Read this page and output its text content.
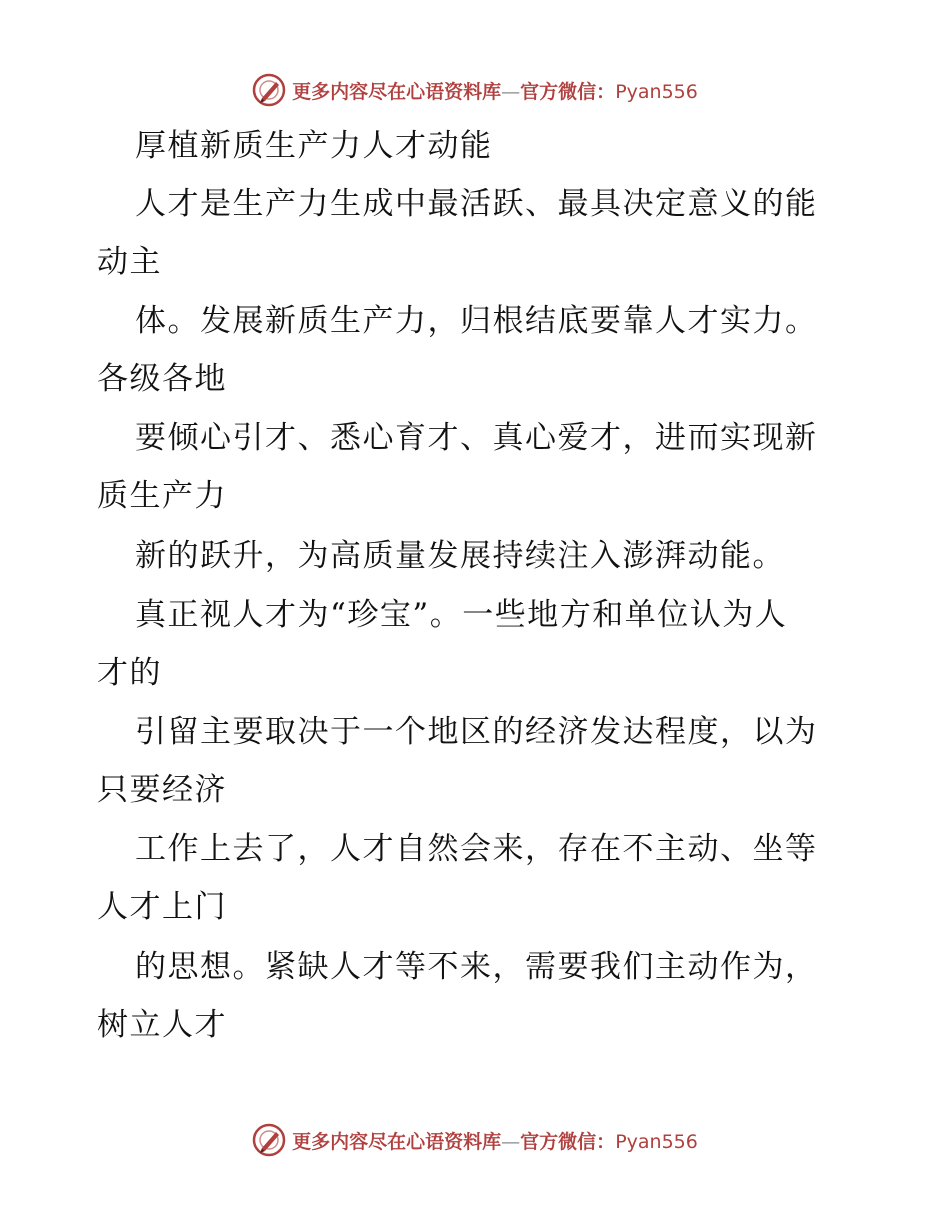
更多内容尽在心语资料库—官方微信：Pyan556
厚植新质生产力人才动能
人才是生产力生成中最活跃、最具决定意义的能
动主
体。发展新质生产力，归根结底要靠人才实力。
各级各地
要倾心引才、悉心育才、真心爱才，进而实现新
质生产力
新的跃升，为高质量发展持续注入澎湃动能。
真正视人才为“珍宝”。一些地方和单位认为人
才的
引留主要取决于一个地区的经济发达程度，以为
只要经济
工作上去了，人才自然会来，存在不主动、坐等
人才上门
的思想。紧缺人才等不来，需要我们主动作为，
树立人才
更多内容尽在心语资料库—官方微信：Pyan556
